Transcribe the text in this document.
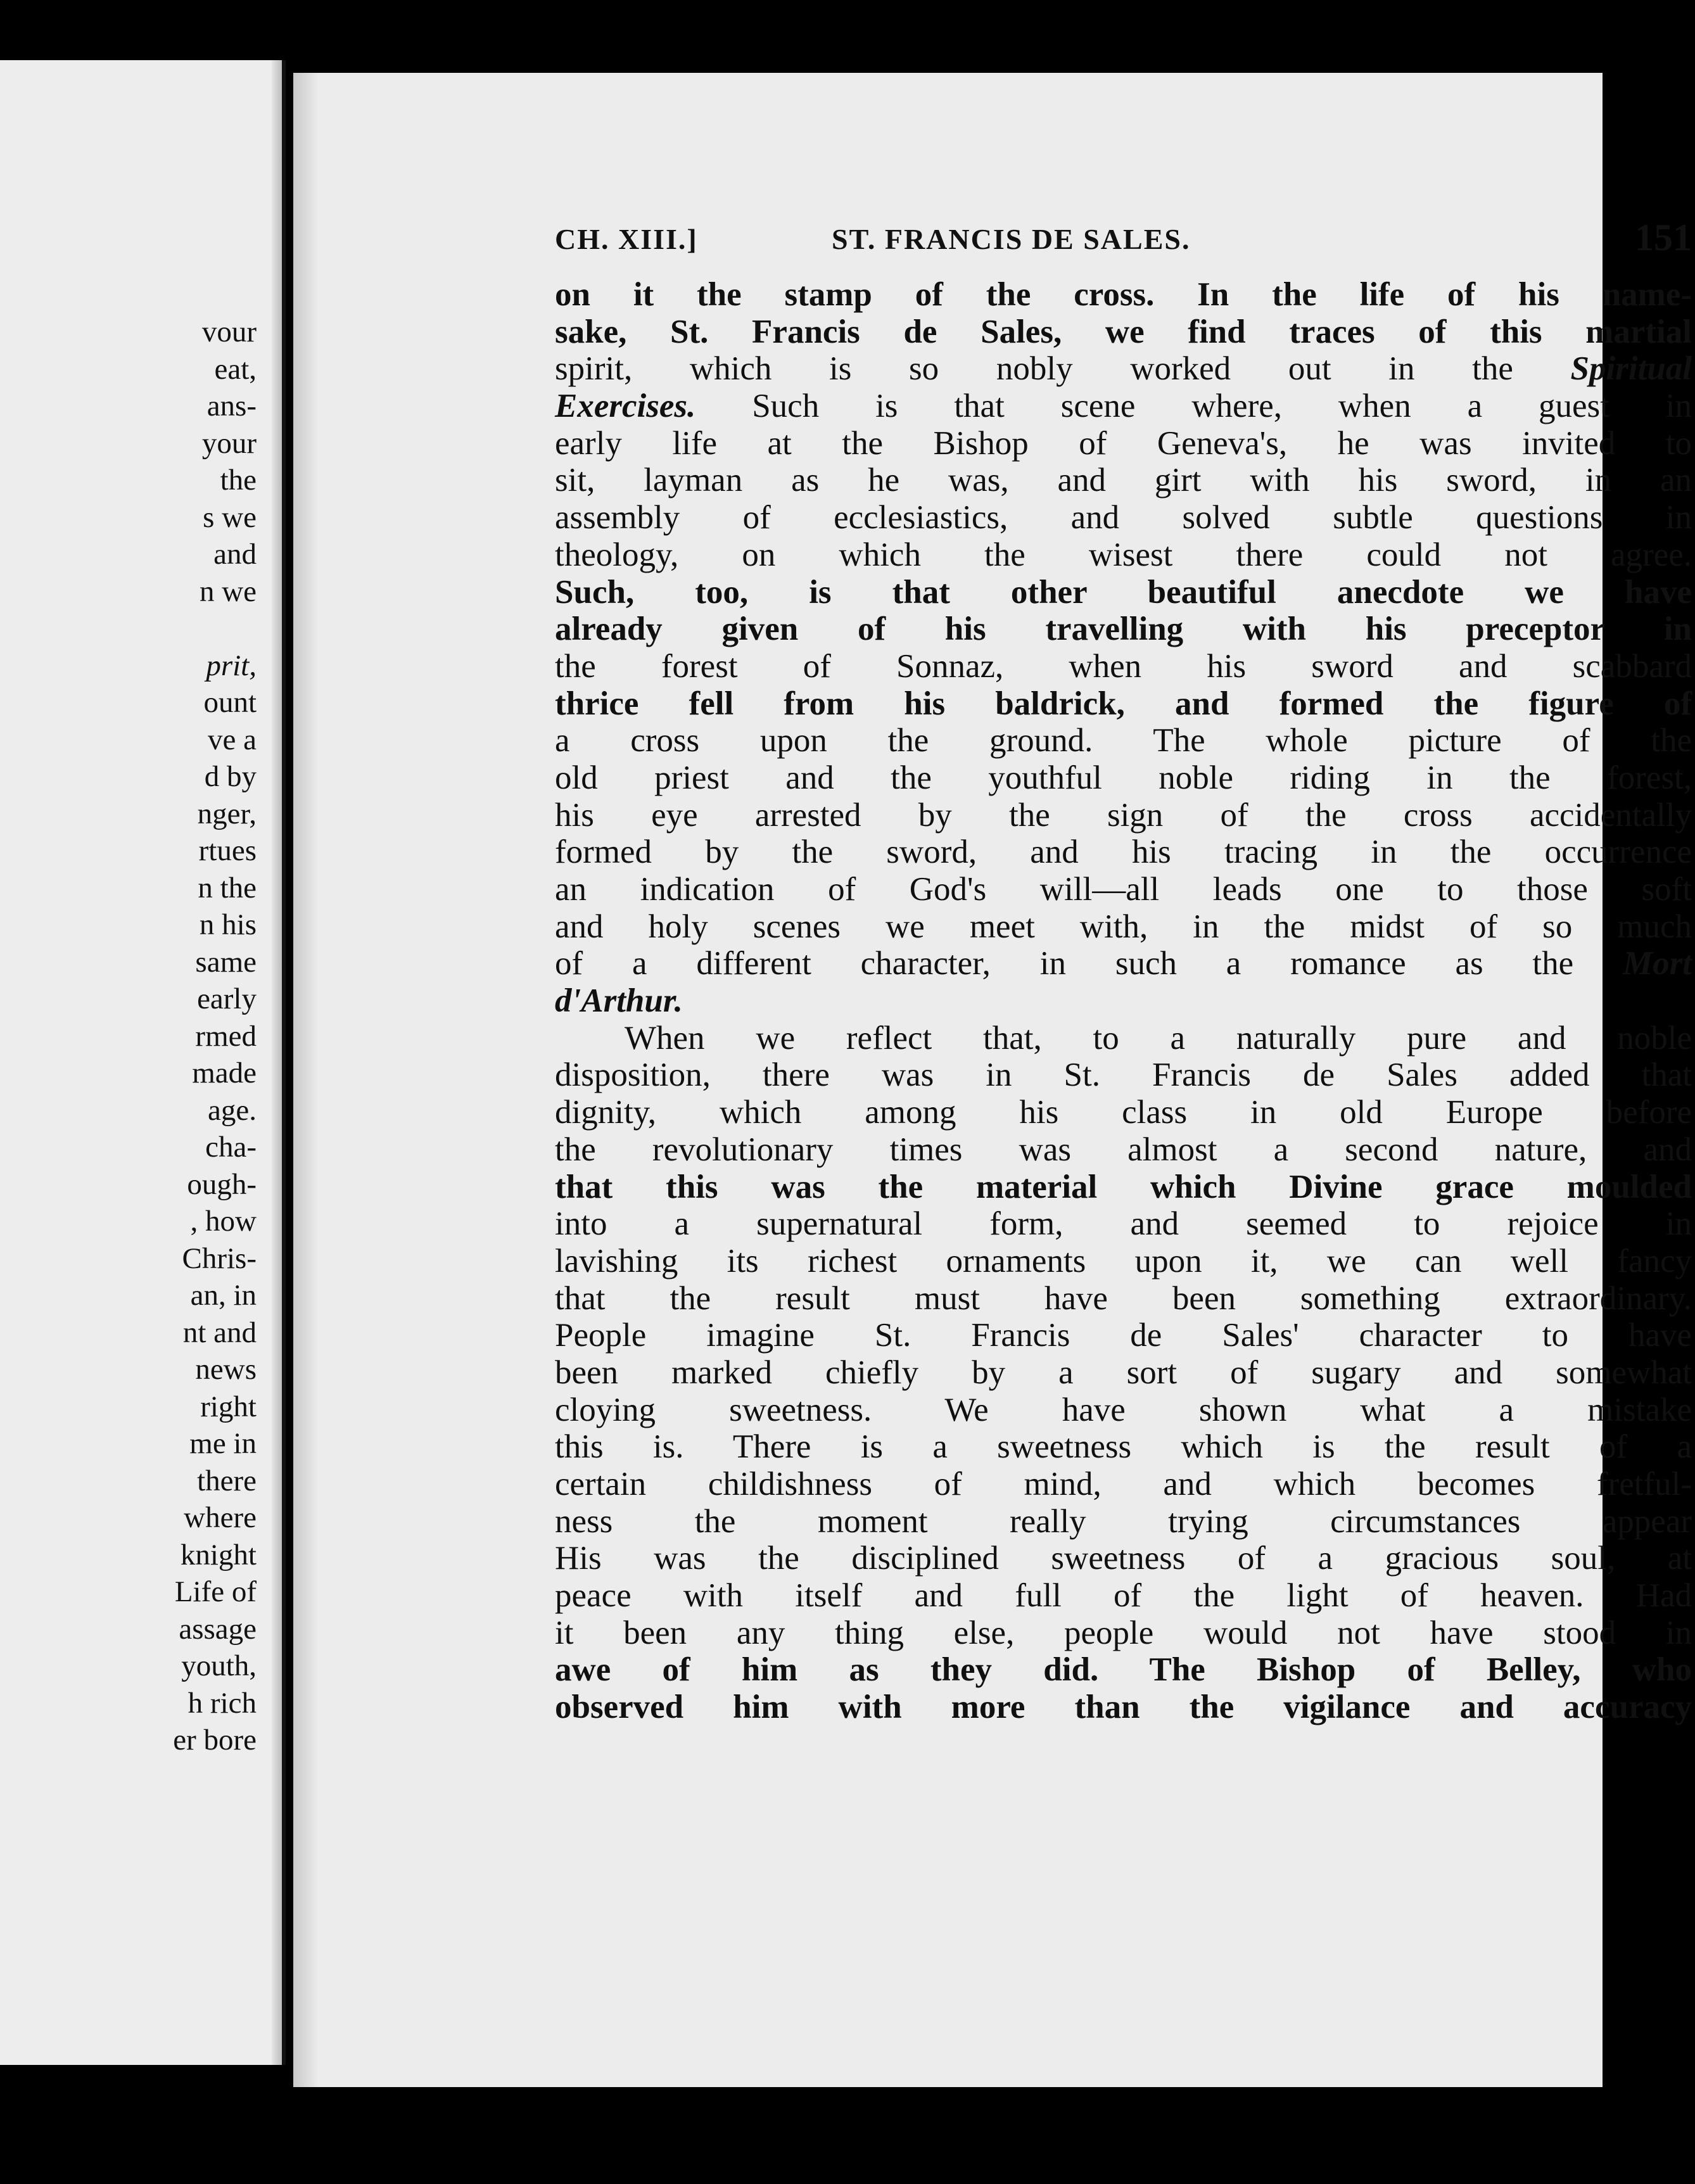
vour
eat,
ans-
your
the
s we
and
n we
prit,
ount
ve a
d by
nger,
rtues
n the
n his
same
early
rmed
made
age.
cha-
ough-
, how
Chris-
an, in
nt and
news
right
me in
there
where
knight
Life of
assage
youth,
h rich
er bore
CH. XIII.]	ST. FRANCIS DE SALES.	151
on it the stamp of the cross. In the life of his name-
sake, St. Francis de Sales, we find traces of this martial
spirit, which is so nobly worked out in the Spiritual
Exercises. Such is that scene where, when a guest in
early life at the Bishop of Geneva's, he was invited to
sit, layman as he was, and girt with his sword, in an
assembly of ecclesiastics, and solved subtle questions in
theology, on which the wisest there could not agree.
Such, too, is that other beautiful anecdote we have
already given of his travelling with his preceptor in
the forest of Sonnaz, when his sword and scabbard
thrice fell from his baldrick, and formed the figure of
a cross upon the ground. The whole picture of the
old priest and the youthful noble riding in the forest,
his eye arrested by the sign of the cross accidentally
formed by the sword, and his tracing in the occurrence
an indication of God's will—all leads one to those soft
and holy scenes we meet with, in the midst of so much
of a different character, in such a romance as the Mort
d'Arthur.
When we reflect that, to a naturally pure and noble
disposition, there was in St. Francis de Sales added that
dignity, which among his class in old Europe before
the revolutionary times was almost a second nature, and
that this was the material which Divine grace moulded
into a supernatural form, and seemed to rejoice in
lavishing its richest ornaments upon it, we can well fancy
that the result must have been something extraordinary.
People imagine St. Francis de Sales' character to have
been marked chiefly by a sort of sugary and somewhat
cloying sweetness. We have shown what a mistake
this is. There is a sweetness which is the result of a
certain childishness of mind, and which becomes fretful-
ness the moment really trying circumstances appear
His was the disciplined sweetness of a gracious soul, at
peace with itself and full of the light of heaven. Had
it been any thing else, people would not have stood in
awe of him as they did. The Bishop of Belley, who
observed him with more than the vigilance and accuracy
